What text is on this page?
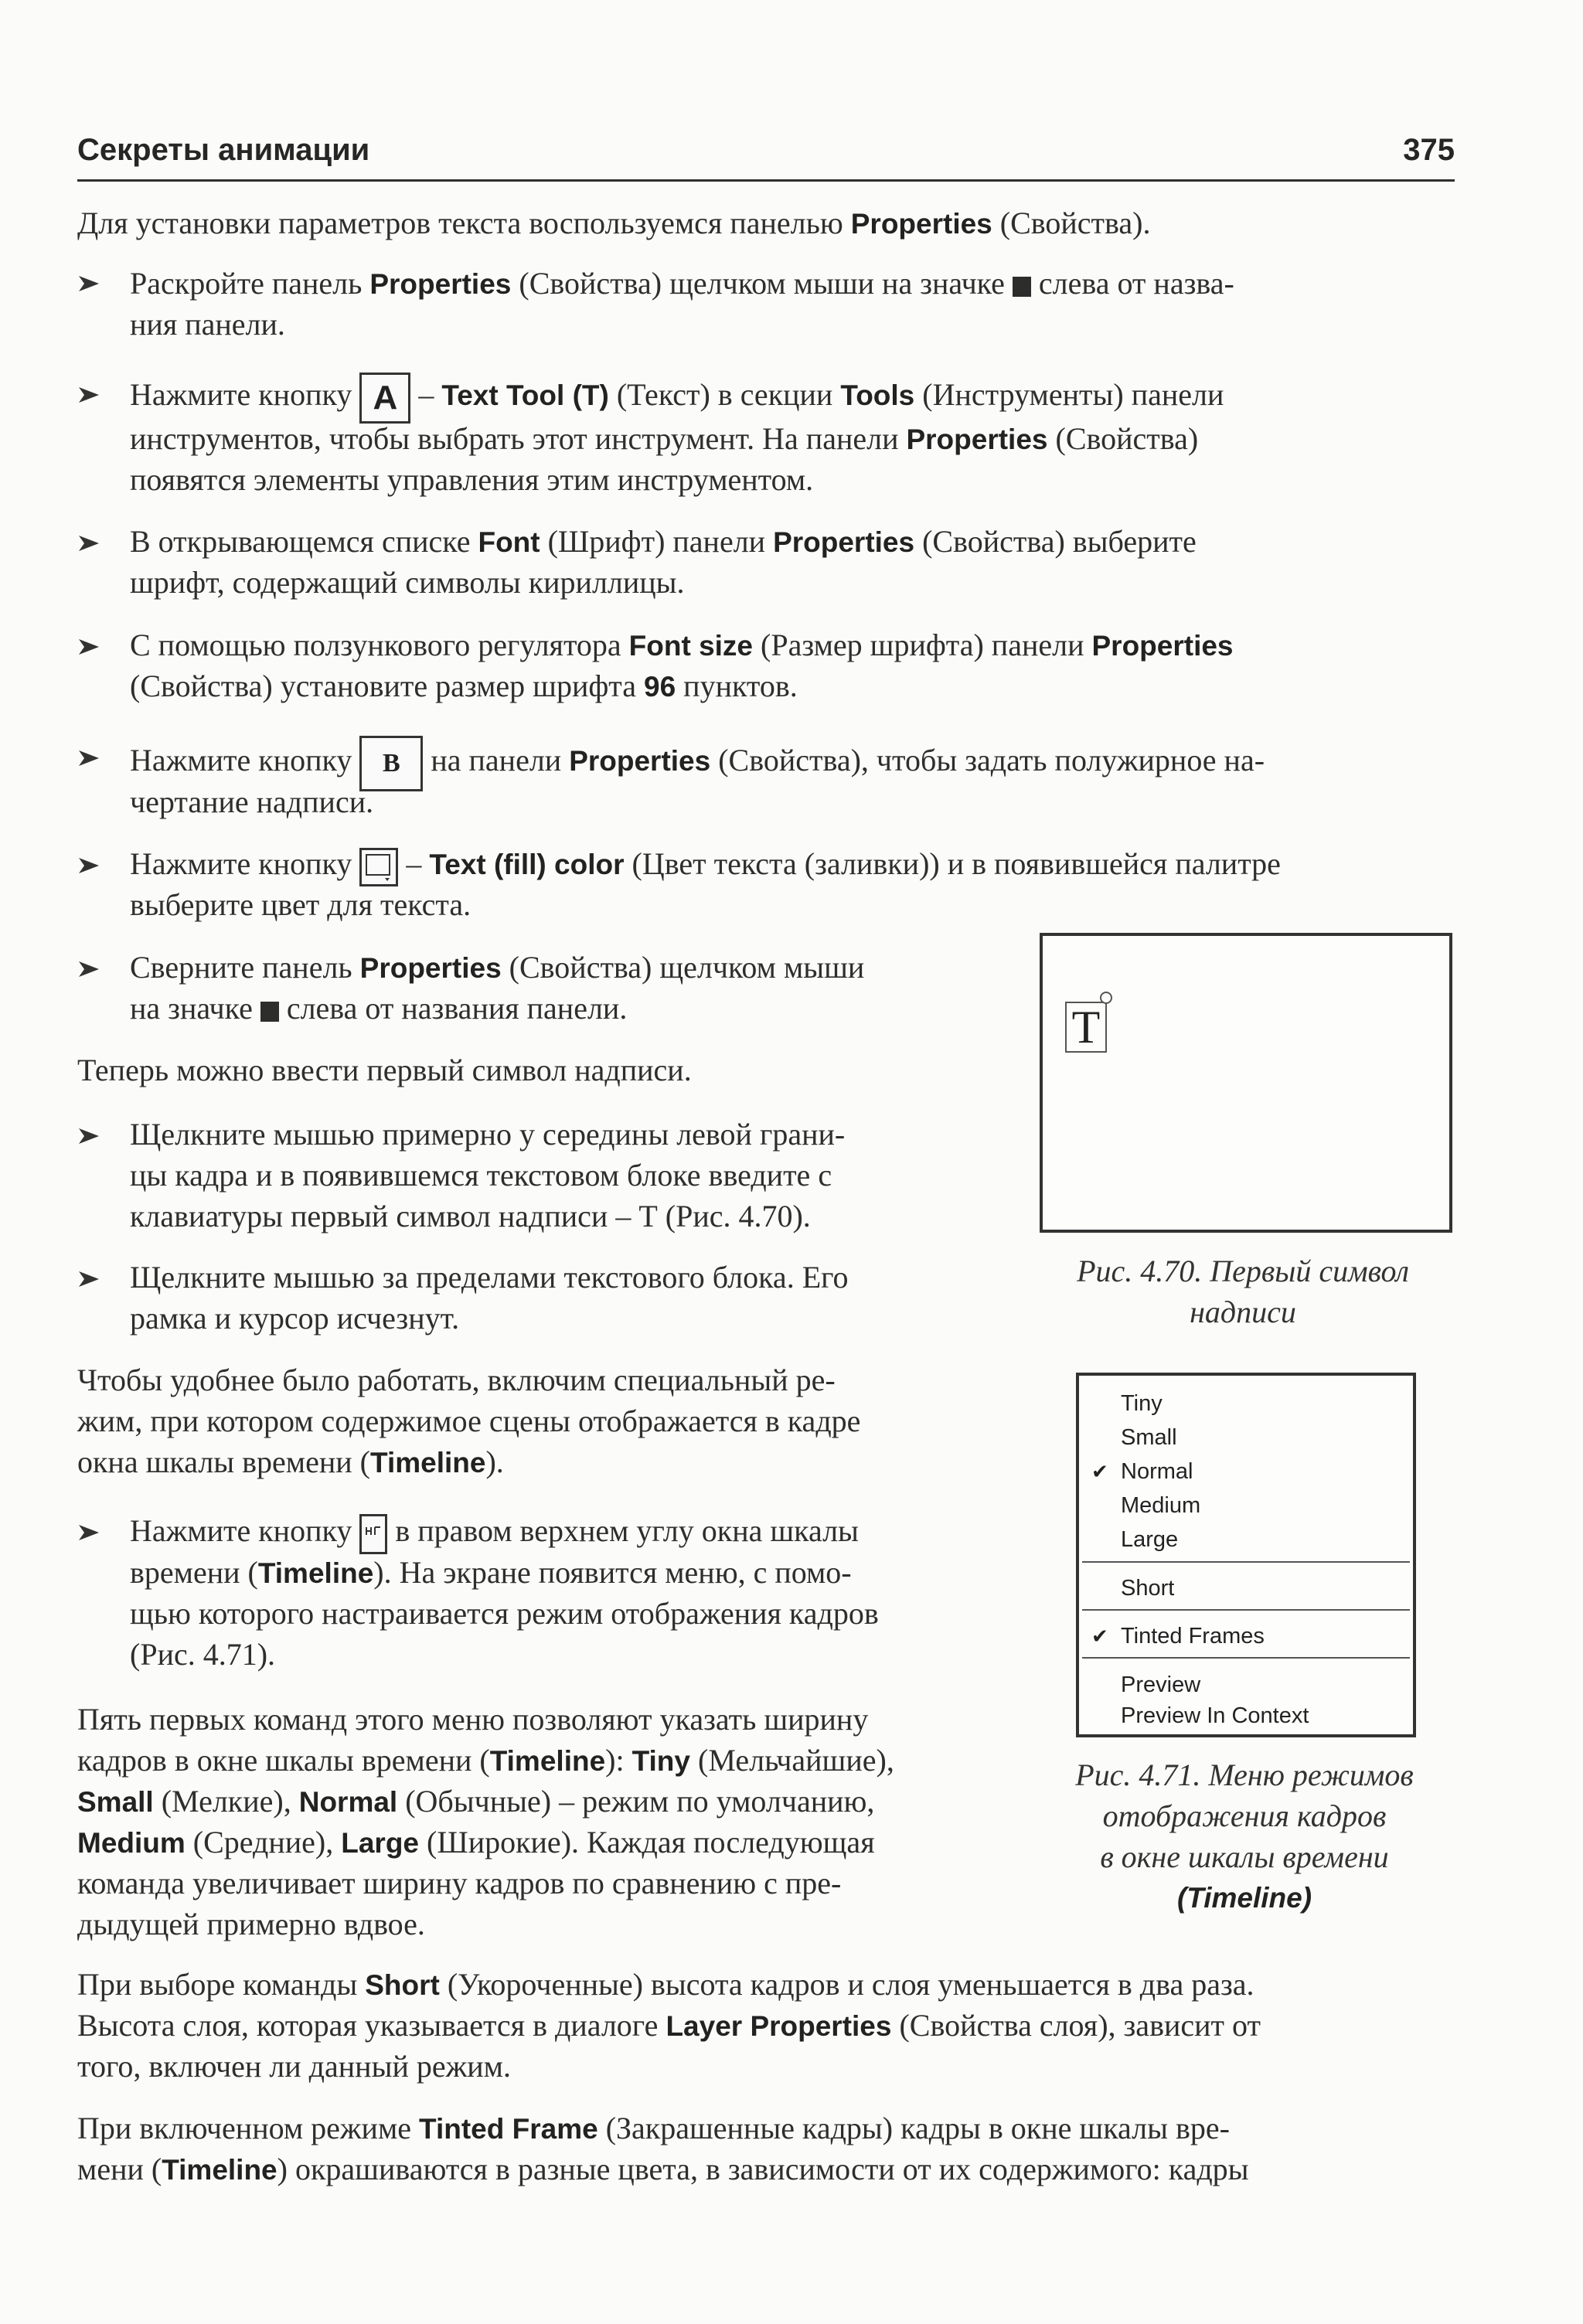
Секреты анимации	375
Для установки параметров текста воспользуемся панелью Properties (Свойства).
Раскройте панель Properties (Свойства) щелчком мыши на значке  слева от назва-
ния панели.
Нажмите кнопку A – Text Tool (T) (Текст) в секции Tools (Инструменты) панели
инструментов, чтобы выбрать этот инструмент. На панели Properties (Свойства)
появятся элементы управления этим инструментом.
В открывающемся списке Font (Шрифт) панели Properties (Свойства) выберите
шрифт, содержащий символы кириллицы.
С помощью ползункового регулятора Font size (Размер шрифта) панели Properties
(Свойства) установите размер шрифта 96 пунктов.
Нажмите кнопку B на панели Properties (Свойства), чтобы задать полужирное на-
чертание надписи.
Нажмите кнопку
– Text (fill) color (Цвет текста (заливки)) и в появившейся палитре
выберите цвет для текста.
Сверните панель Properties (Свойства) щелчком мыши
на значке  слева от названия панели.
Теперь можно ввести первый символ надписи.
Щелкните мышью примерно у середины левой грани-
цы кадра и в появившемся текстовом блоке введите с
клавиатуры первый символ надписи – Т (Рис. 4.70).
Щелкните мышью за пределами текстового блока. Его
рамка и курсор исчезнут.
Чтобы удобнее было работать, включим специальный ре-
жим, при котором содержимое сцены отображается в кадре
окна шкалы времени (Timeline).
Нажмите кнопку
в правом верхнем углу окна шкалы
времени (Timeline). На экране появится меню, с помо-
щью которого настраивается режим отображения кадров
(Рис. 4.71).
Пять первых команд этого меню позволяют указать ширину
кадров в окне шкалы времени (Timeline): Tiny (Мельчайшие),
Small (Мелкие), Normal (Обычные) – режим по умолчанию,
Medium (Средние), Large (Широкие). Каждая последующая
команда увеличивает ширину кадров по сравнению с пре-
дыдущей примерно вдвое.
При выборе команды Short (Укороченные) высота кадров и слоя уменьшается в два раза.
Высота слоя, которая указывается в диалоге Layer Properties (Свойства слоя), зависит от
того, включен ли данный режим.
При включенном режиме Tinted Frame (Закрашенные кадры) кадры в окне шкалы вре-
мени (Timeline) окрашиваются в разные цвета, в зависимости от их содержимого: кадры
T
Рис. 4.70. Первый символ
надписи
Tiny
Small
✔ Normal
Medium
Large
Short
✔ Tinted Frames
Preview
Preview In Context
Рис. 4.71. Меню режимов
отображения кадров
в окне шкалы времени
(Timeline)
